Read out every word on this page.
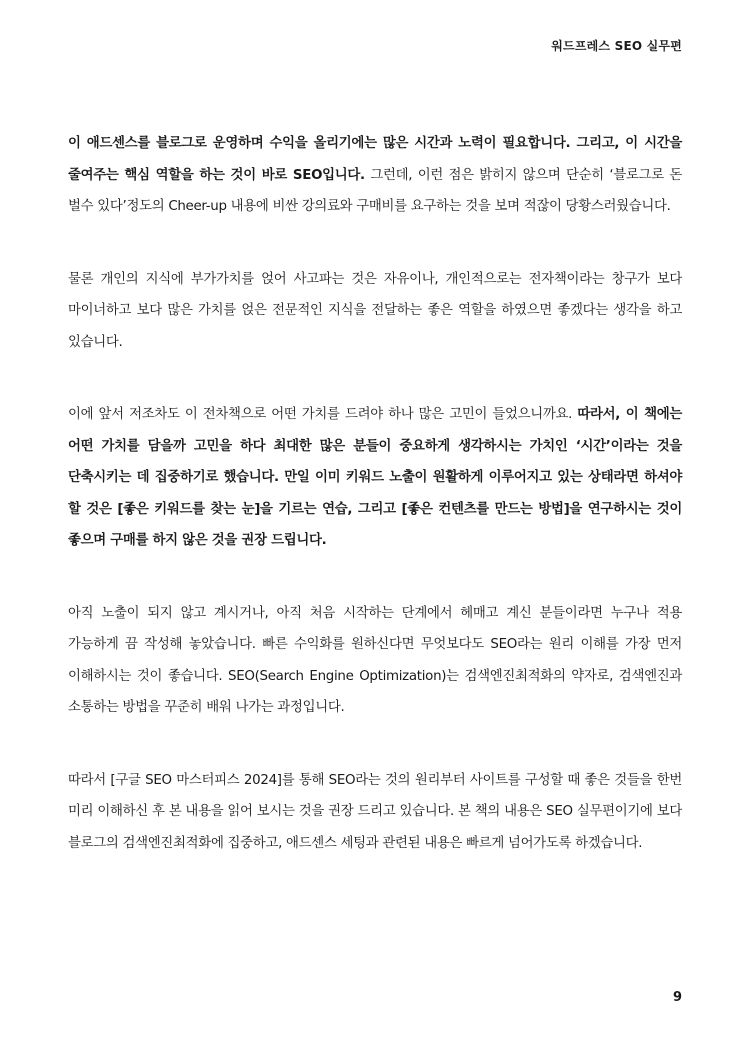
워드프레스 SEO 실무편

이 애드센스를 블로그로 운영하며 수익을 올리기에는 많은 시간과 노력이 필요합니다. 그리고, 이 시간을 줄여주는 핵심 역할을 하는 것이 바로 SEO입니다. 그런데, 이런 점은 밝히지 않으며 단순히 ‘블로그로 돈 벌수 있다’정도의 Cheer-up 내용에 비싼 강의료와 구매비를 요구하는 것을 보며 적잖이 당황스러웠습니다.

물론 개인의 지식에 부가가치를 얹어 사고파는 것은 자유이나, 개인적으로는 전자책이라는 창구가 보다 마이너하고 보다 많은 가치를 얹은 전문적인 지식을 전달하는 좋은 역할을 하였으면 좋겠다는 생각을 하고 있습니다.

이에 앞서 저조차도 이 전차책으로 어떤 가치를 드려야 하나 많은 고민이 들었으니까요. 따라서, 이 책에는 어떤 가치를 담을까 고민을 하다 최대한 많은 분들이 중요하게 생각하시는 가치인 ‘시간’이라는 것을 단축시키는 데 집중하기로 했습니다. 만일 이미 키워드 노출이 원활하게 이루어지고 있는 상태라면 하셔야 할 것은 [좋은 키워드를 찾는 눈]을 기르는 연습, 그리고 [좋은 컨텐츠를 만드는 방법]을 연구하시는 것이 좋으며 구매를 하지 않은 것을 권장 드립니다.

아직 노출이 되지 않고 계시거나, 아직 처음 시작하는 단계에서 헤매고 계신 분들이라면 누구나 적용 가능하게 끔 작성해 놓았습니다. 빠른 수익화를 원하신다면 무엇보다도 SEO라는 원리 이해를 가장 먼저 이해하시는 것이 좋습니다. SEO(Search Engine Optimization)는 검색엔진최적화의 약자로, 검색엔진과 소통하는 방법을 꾸준히 배워 나가는 과정입니다.

따라서 [구글 SEO 마스터피스 2024]를 통해 SEO라는 것의 원리부터 사이트를 구성할 때 좋은 것들을 한번 미리 이해하신 후 본 내용을 읽어 보시는 것을 권장 드리고 있습니다. 본 책의 내용은 SEO 실무편이기에 보다 블로그의 검색엔진최적화에 집중하고, 애드센스 세팅과 관련된 내용은 빠르게 넘어가도록 하겠습니다.

9
